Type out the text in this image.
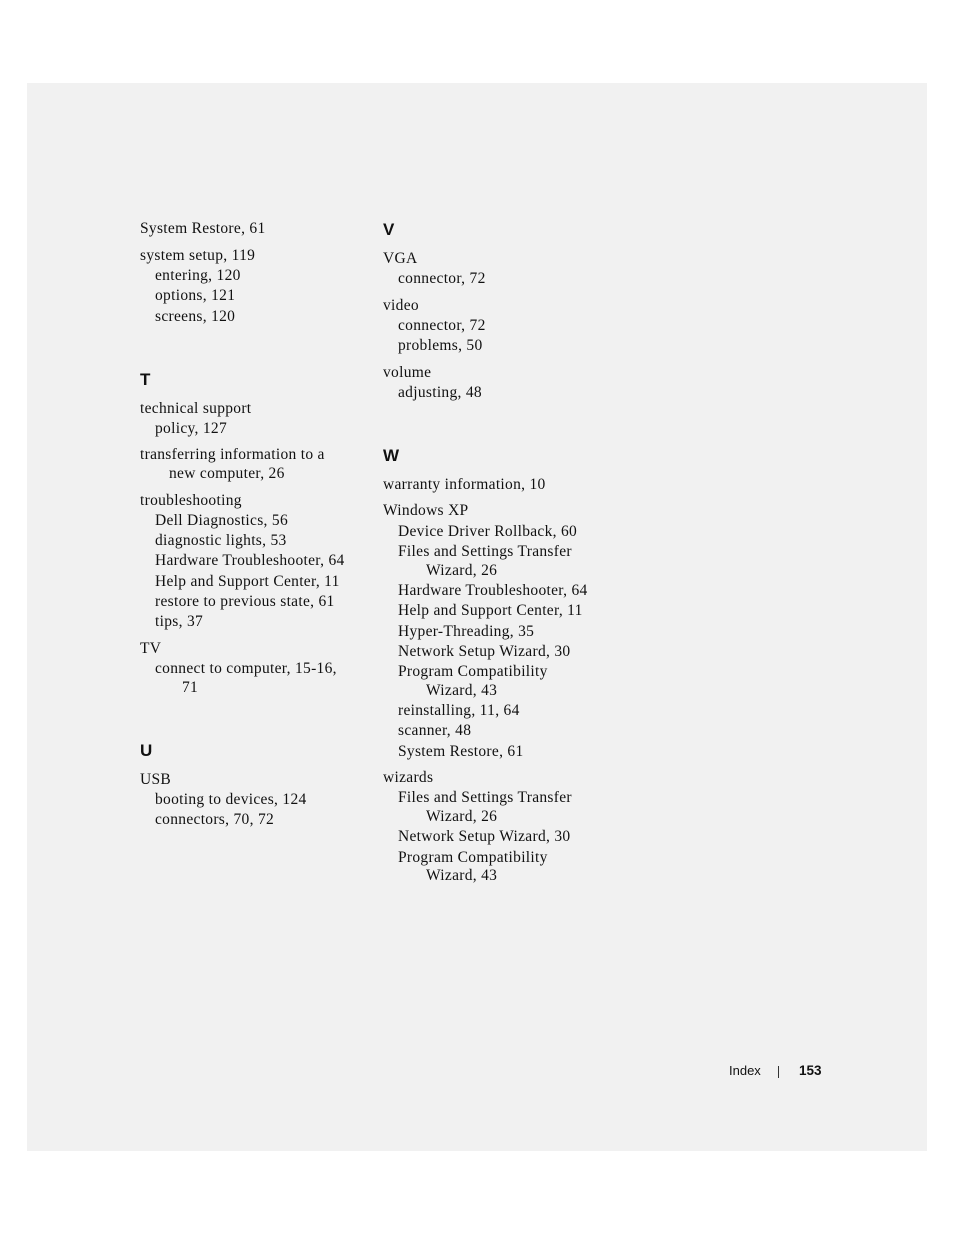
System Restore, 61
system setup, 119
entering, 120
options, 121
screens, 120
T
technical support
policy, 127
transferring information to a
new computer, 26
troubleshooting
Dell Diagnostics, 56
diagnostic lights, 53
Hardware Troubleshooter, 64
Help and Support Center, 11
restore to previous state, 61
tips, 37
TV
connect to computer, 15-16,
71
U
USB
booting to devices, 124
connectors, 70, 72
V
VGA
connector, 72
video
connector, 72
problems, 50
volume
adjusting, 48
W
warranty information, 10
Windows XP
Device Driver Rollback, 60
Files and Settings Transfer
Wizard, 26
Hardware Troubleshooter, 64
Help and Support Center, 11
Hyper-Threading, 35
Network Setup Wizard, 30
Program Compatibility
Wizard, 43
reinstalling, 11, 64
scanner, 48
System Restore, 61
wizards
Files and Settings Transfer
Wizard, 26
Network Setup Wizard, 30
Program Compatibility
Wizard, 43
Index	153
